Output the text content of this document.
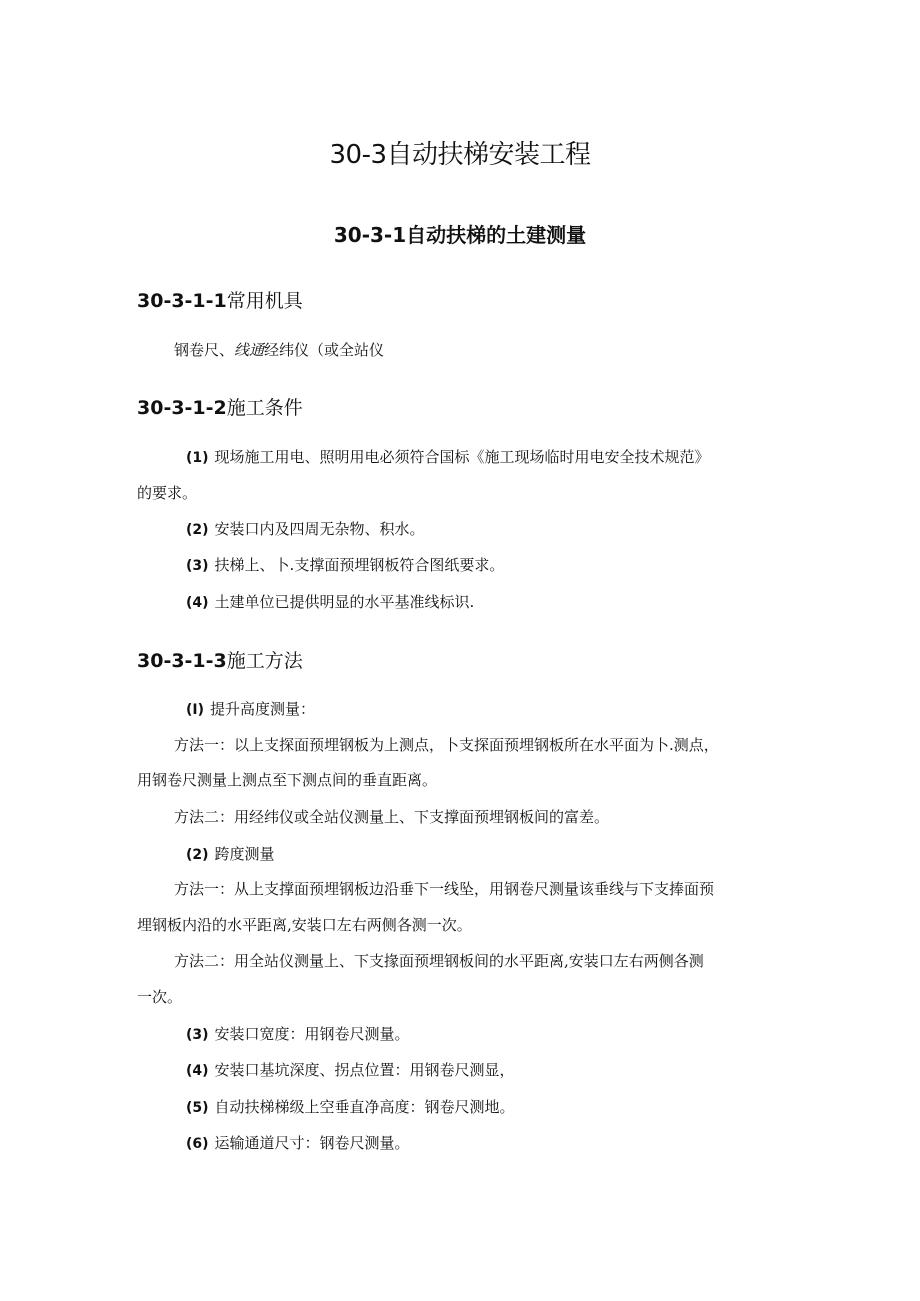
30-3自动扶梯安装工程
30-3-1自动扶梯的土建测量
30-3-1-1常用机具
钢卷尺、线通经纬仪（或全站仪
30-3-1-2施工条件
(1) 现场施工用电、照明用电必须符合国标《施工现场临时用电安全技术规范》
的要求。
(2) 安装口内及四周无杂物、积水。
(3) 扶梯上、卜.支撑面预埋钢板符合图纸要求。
(4) 土建单位已提供明显的水平基准线标识.
30-3-1-3施工方法
(I) 提升高度测量：
方法一：以上支探面预埋钢板为上测点，卜支探面预埋钢板所在水平面为卜.测点，
用钢卷尺测量上测点至下测点间的垂直距离。
方法二：用经纬仪或全站仪测量上、下支撑面预埋钢板间的富差。
(2) 跨度测量
方法一：从上支撑面预埋钢板边沿垂下一线坠，用钢卷尺测量该垂线与下支捧面预
埋钢板内沿的水平距离,安装口左右两侧各测一次。
方法二：用全站仪测量上、下支掾面预埋钢板间的水平距离,安装口左右两侧各测
一次。
(3) 安装口宽度：用钢卷尺测量。
(4) 安装口基坑深度、拐点位置：用钢卷尺测显，
(5) 自动扶梯梯级上空垂直净高度：钢卷尺测地。
(6) 运输通道尺寸：钢卷尺测量。
